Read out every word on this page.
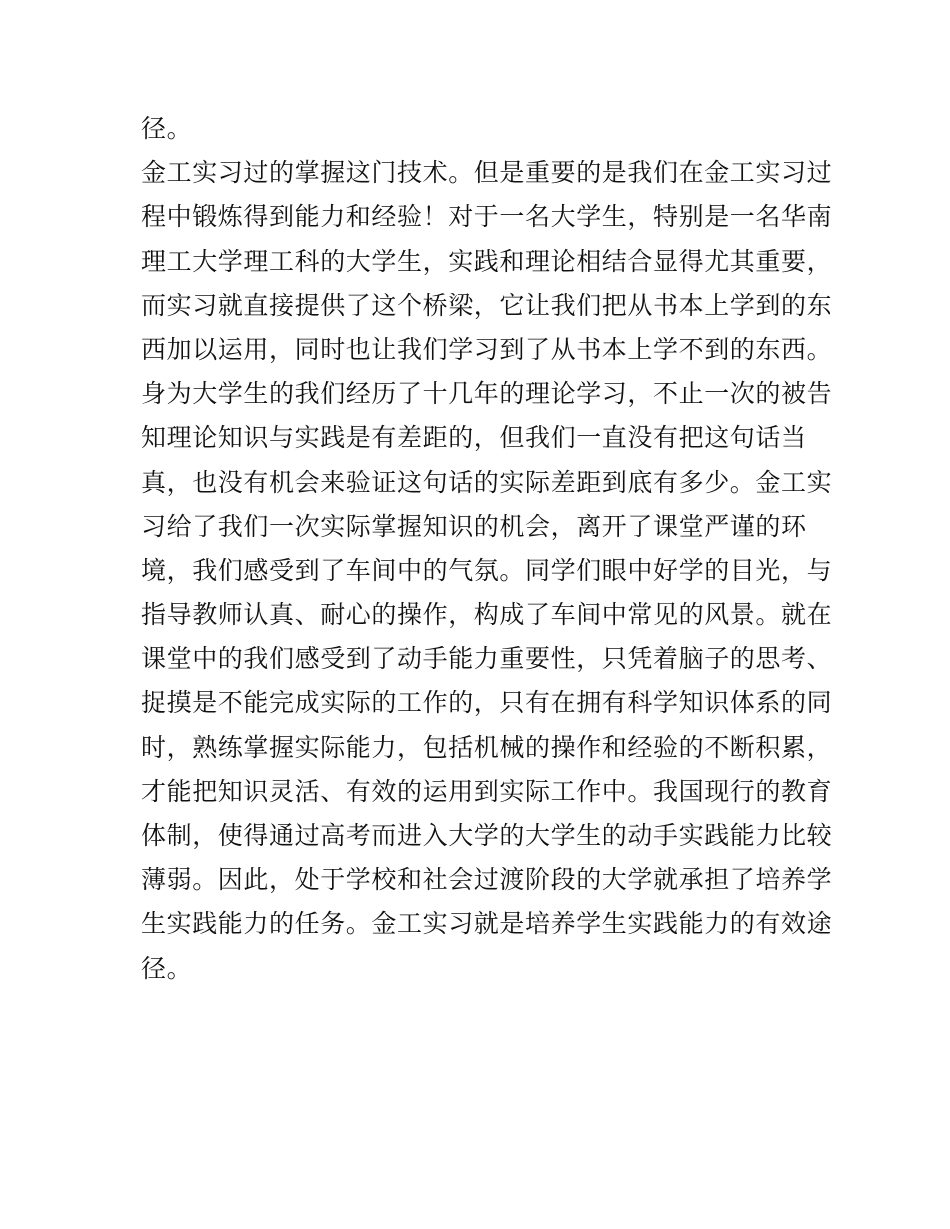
径。
金工实习过的掌握这门技术。但是重要的是我们在金工实习过
程中锻炼得到能力和经验！对于一名大学生，特别是一名华南
理工大学理工科的大学生，实践和理论相结合显得尤其重要，
而实习就直接提供了这个桥梁，它让我们把从书本上学到的东
西加以运用，同时也让我们学习到了从书本上学不到的东西。
身为大学生的我们经历了十几年的理论学习，不止一次的被告
知理论知识与实践是有差距的，但我们一直没有把这句话当
真，也没有机会来验证这句话的实际差距到底有多少。金工实
习给了我们一次实际掌握知识的机会，离开了课堂严谨的环
境，我们感受到了车间中的气氛。同学们眼中好学的目光，与
指导教师认真、耐心的操作，构成了车间中常见的风景。就在
课堂中的我们感受到了动手能力重要性，只凭着脑子的思考、
捉摸是不能完成实际的工作的，只有在拥有科学知识体系的同
时，熟练掌握实际能力，包括机械的操作和经验的不断积累，
才能把知识灵活、有效的运用到实际工作中。我国现行的教育
体制，使得通过高考而进入大学的大学生的动手实践能力比较
薄弱。因此，处于学校和社会过渡阶段的大学就承担了培养学
生实践能力的任务。金工实习就是培养学生实践能力的有效途
径。
